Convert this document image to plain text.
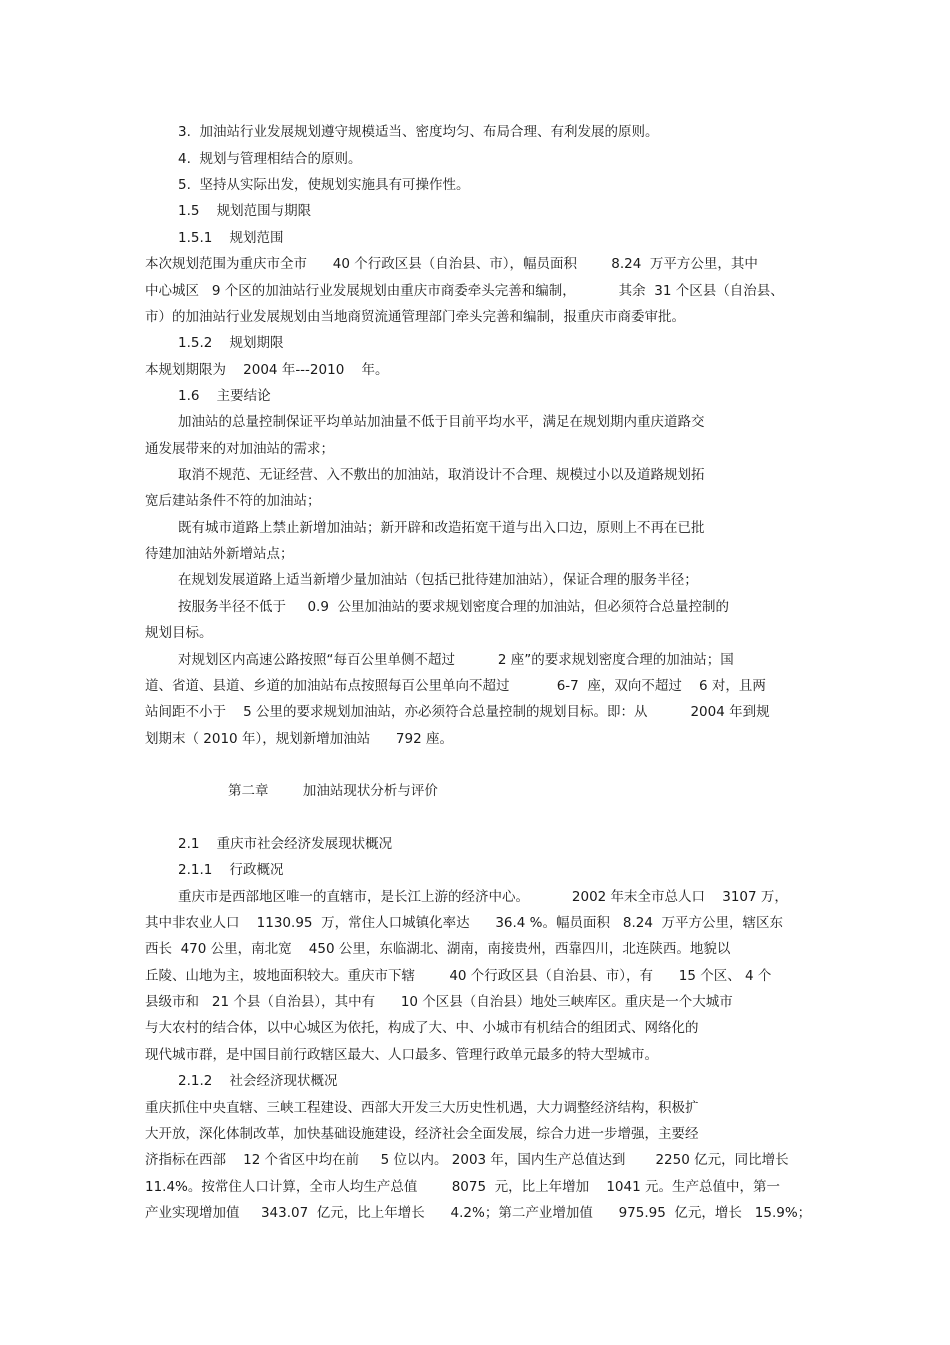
3.  加油站行业发展规划遵守规模适当、密度均匀、布局合理、有利发展的原则。
4.  规划与管理相结合的原则。
5.  坚持从实际出发，使规划实施具有可操作性。
1.5    规划范围与期限
1.5.1    规划范围
本次规划范围为重庆市全市      40 个行政区县（自治县、市），幅员面积        8.24  万平方公里，其中
中心城区   9 个区的加油站行业发展规划由重庆市商委牵头完善和编制，          其余  31 个区县（自治县、
市）的加油站行业发展规划由当地商贸流通管理部门牵头完善和编制，报重庆市商委审批。
1.5.2    规划期限
本规划期限为    2004 年---2010    年。
1.6    主要结论
加油站的总量控制保证平均单站加油量不低于目前平均水平，满足在规划期内重庆道路交
通发展带来的对加油站的需求；
取消不规范、无证经营、入不敷出的加油站，取消设计不合理、规模过小以及道路规划拓
宽后建站条件不符的加油站；
既有城市道路上禁止新增加油站；新开辟和改造拓宽干道与出入口边，原则上不再在已批
待建加油站外新增站点；
在规划发展道路上适当新增少量加油站（包括已批待建加油站），保证合理的服务半径；
按服务半径不低于     0.9  公里加油站的要求规划密度合理的加油站，但必须符合总量控制的
规划目标。
对规划区内高速公路按照“每百公里单侧不超过          2 座”的要求规划密度合理的加油站；国
道、省道、县道、乡道的加油站布点按照每百公里单向不超过           6-7  座，双向不超过    6 对，且两
站间距不小于    5 公里的要求规划加油站，亦必须符合总量控制的规划目标。即：从          2004 年到规
划期末（ 2010 年），规划新增加油站      792 座。
第二章        加油站现状分析与评价
2.1    重庆市社会经济发展现状概况
2.1.1    行政概况
重庆市是西部地区唯一的直辖市，是长江上游的经济中心。          2002 年末全市总人口    3107 万，
其中非农业人口    1130.95  万，常住人口城镇化率达      36.4 %。幅员面积   8.24  万平方公里，辖区东
西长  470 公里，南北宽    450 公里，东临湖北、湖南，南接贵州，西靠四川，北连陕西。地貌以
丘陵、山地为主，坡地面积较大。重庆市下辖        40 个行政区县（自治县、市），有      15 个区、 4 个
县级市和   21 个县（自治县），其中有      10 个区县（自治县）地处三峡库区。重庆是一个大城市
与大农村的结合体，以中心城区为依托，构成了大、中、小城市有机结合的组团式、网络化的
现代城市群，是中国目前行政辖区最大、人口最多、管理行政单元最多的特大型城市。
2.1.2    社会经济现状概况
重庆抓住中央直辖、三峡工程建设、西部大开发三大历史性机遇，大力调整经济结构，积极扩
大开放，深化体制改革，加快基础设施建设，经济社会全面发展，综合力进一步增强，主要经
济指标在西部    12 个省区中均在前     5 位以内。 2003 年，国内生产总值达到       2250 亿元，同比增长
11.4%。按常住人口计算，全市人均生产总值        8075  元，比上年增加    1041 元。生产总值中，第一
产业实现增加值     343.07  亿元，比上年增长      4.2%；第二产业增加值      975.95  亿元，增长   15.9%；
